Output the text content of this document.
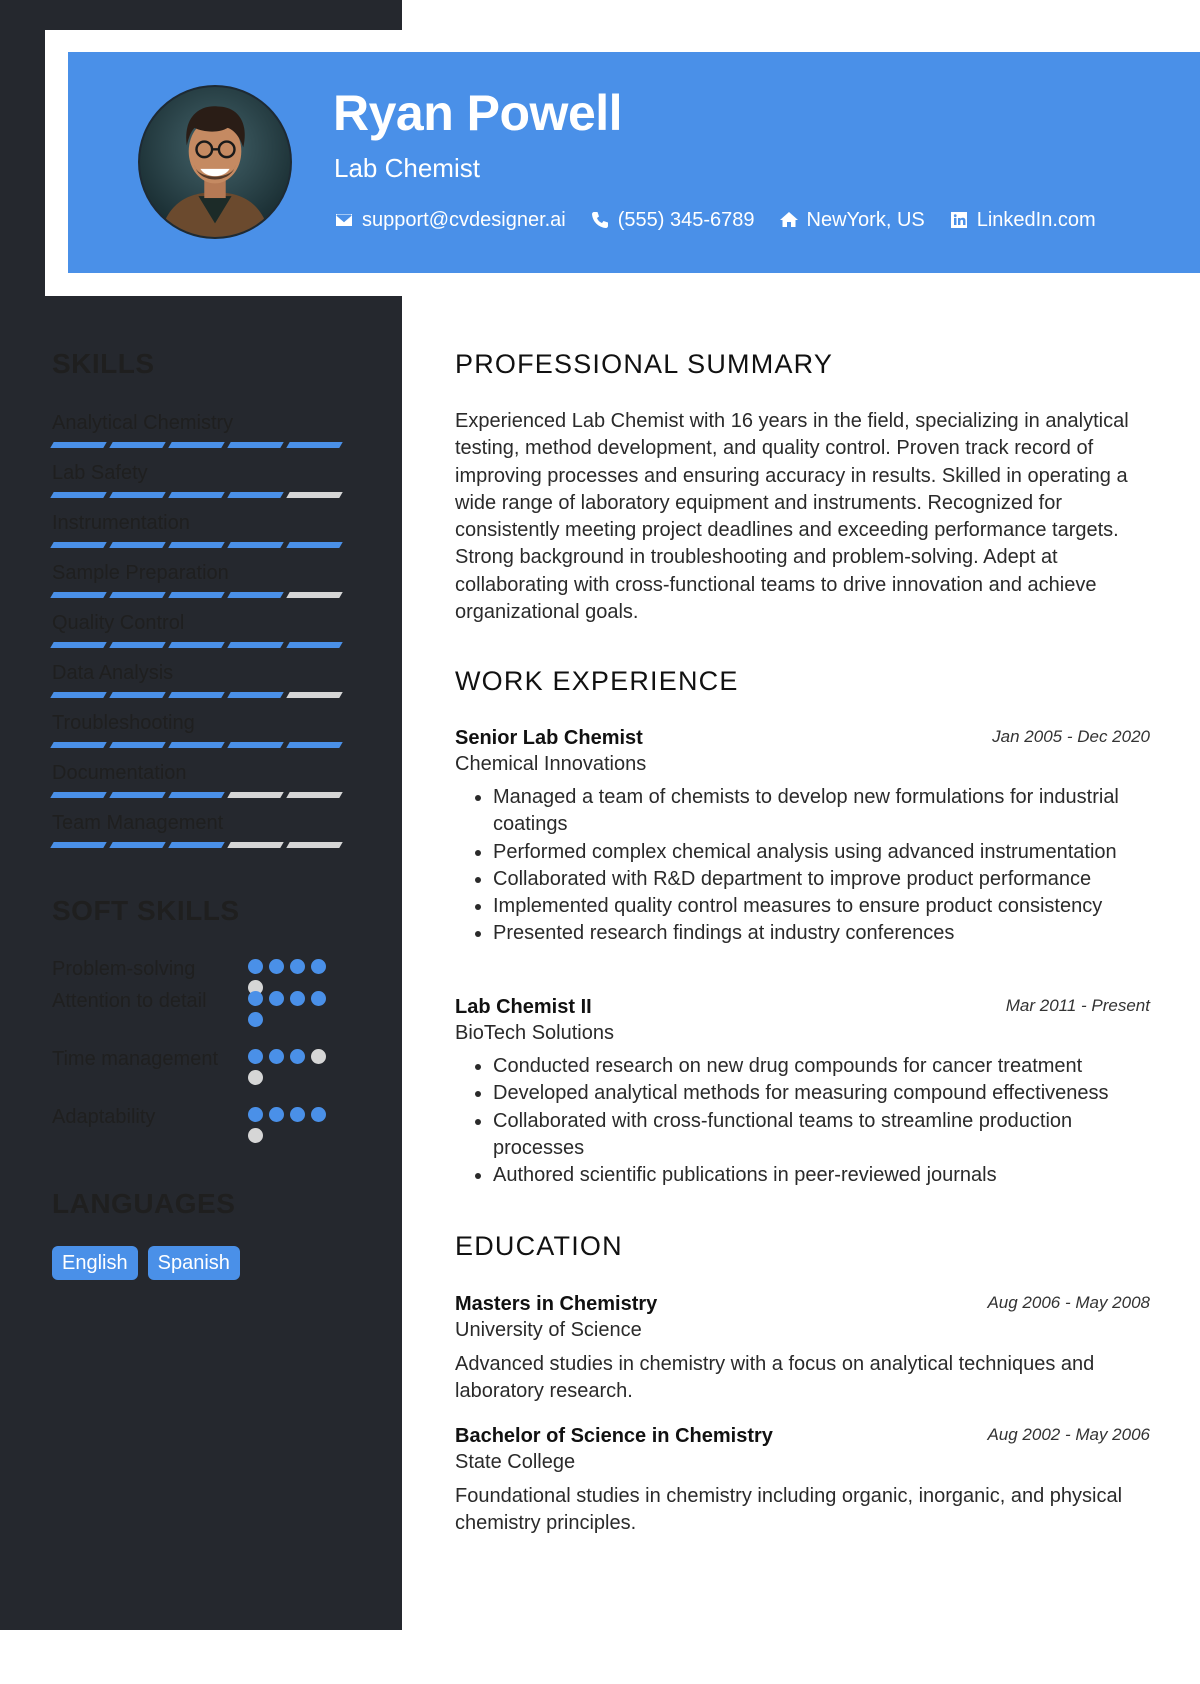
Ryan Powell
Lab Chemist
support@cvdesigner.ai	(555) 345-6789	NewYork, US	LinkedIn.com
SKILLS
Analytical Chemistry
Lab Safety
Instrumentation
Sample Preparation
Quality Control
Data Analysis
Troubleshooting
Documentation
Team Management
SOFT SKILLS
Problem-solving
Attention to detail
Time management
Adaptability
LANGUAGES
English	Spanish
PROFESSIONAL SUMMARY

Experienced Lab Chemist with 16 years in the field, specializing in analytical testing, method development, and quality control. Proven track record of improving processes and ensuring accuracy in results. Skilled in operating a wide range of laboratory equipment and instruments. Recognized for consistently meeting project deadlines and exceeding performance targets. Strong background in troubleshooting and problem-solving. Adept at collaborating with cross-functional teams to drive innovation and achieve organizational goals.

WORK EXPERIENCE
Senior Lab Chemist	Jan 2005 - Dec 2020
Chemical Innovations
• Managed a team of chemists to develop new formulations for industrial coatings
• Performed complex chemical analysis using advanced instrumentation
• Collaborated with R&D department to improve product performance
• Implemented quality control measures to ensure product consistency
• Presented research findings at industry conferences
Lab Chemist II	Mar 2011 - Present
BioTech Solutions
• Conducted research on new drug compounds for cancer treatment
• Developed analytical methods for measuring compound effectiveness
• Collaborated with cross-functional teams to streamline production processes
• Authored scientific publications in peer-reviewed journals
EDUCATION
Masters in Chemistry	Aug 2006 - May 2008
University of Science

Advanced studies in chemistry with a focus on analytical techniques and laboratory research.

Bachelor of Science in Chemistry	Aug 2002 - May 2006
State College

Foundational studies in chemistry including organic, inorganic, and physical chemistry principles.
